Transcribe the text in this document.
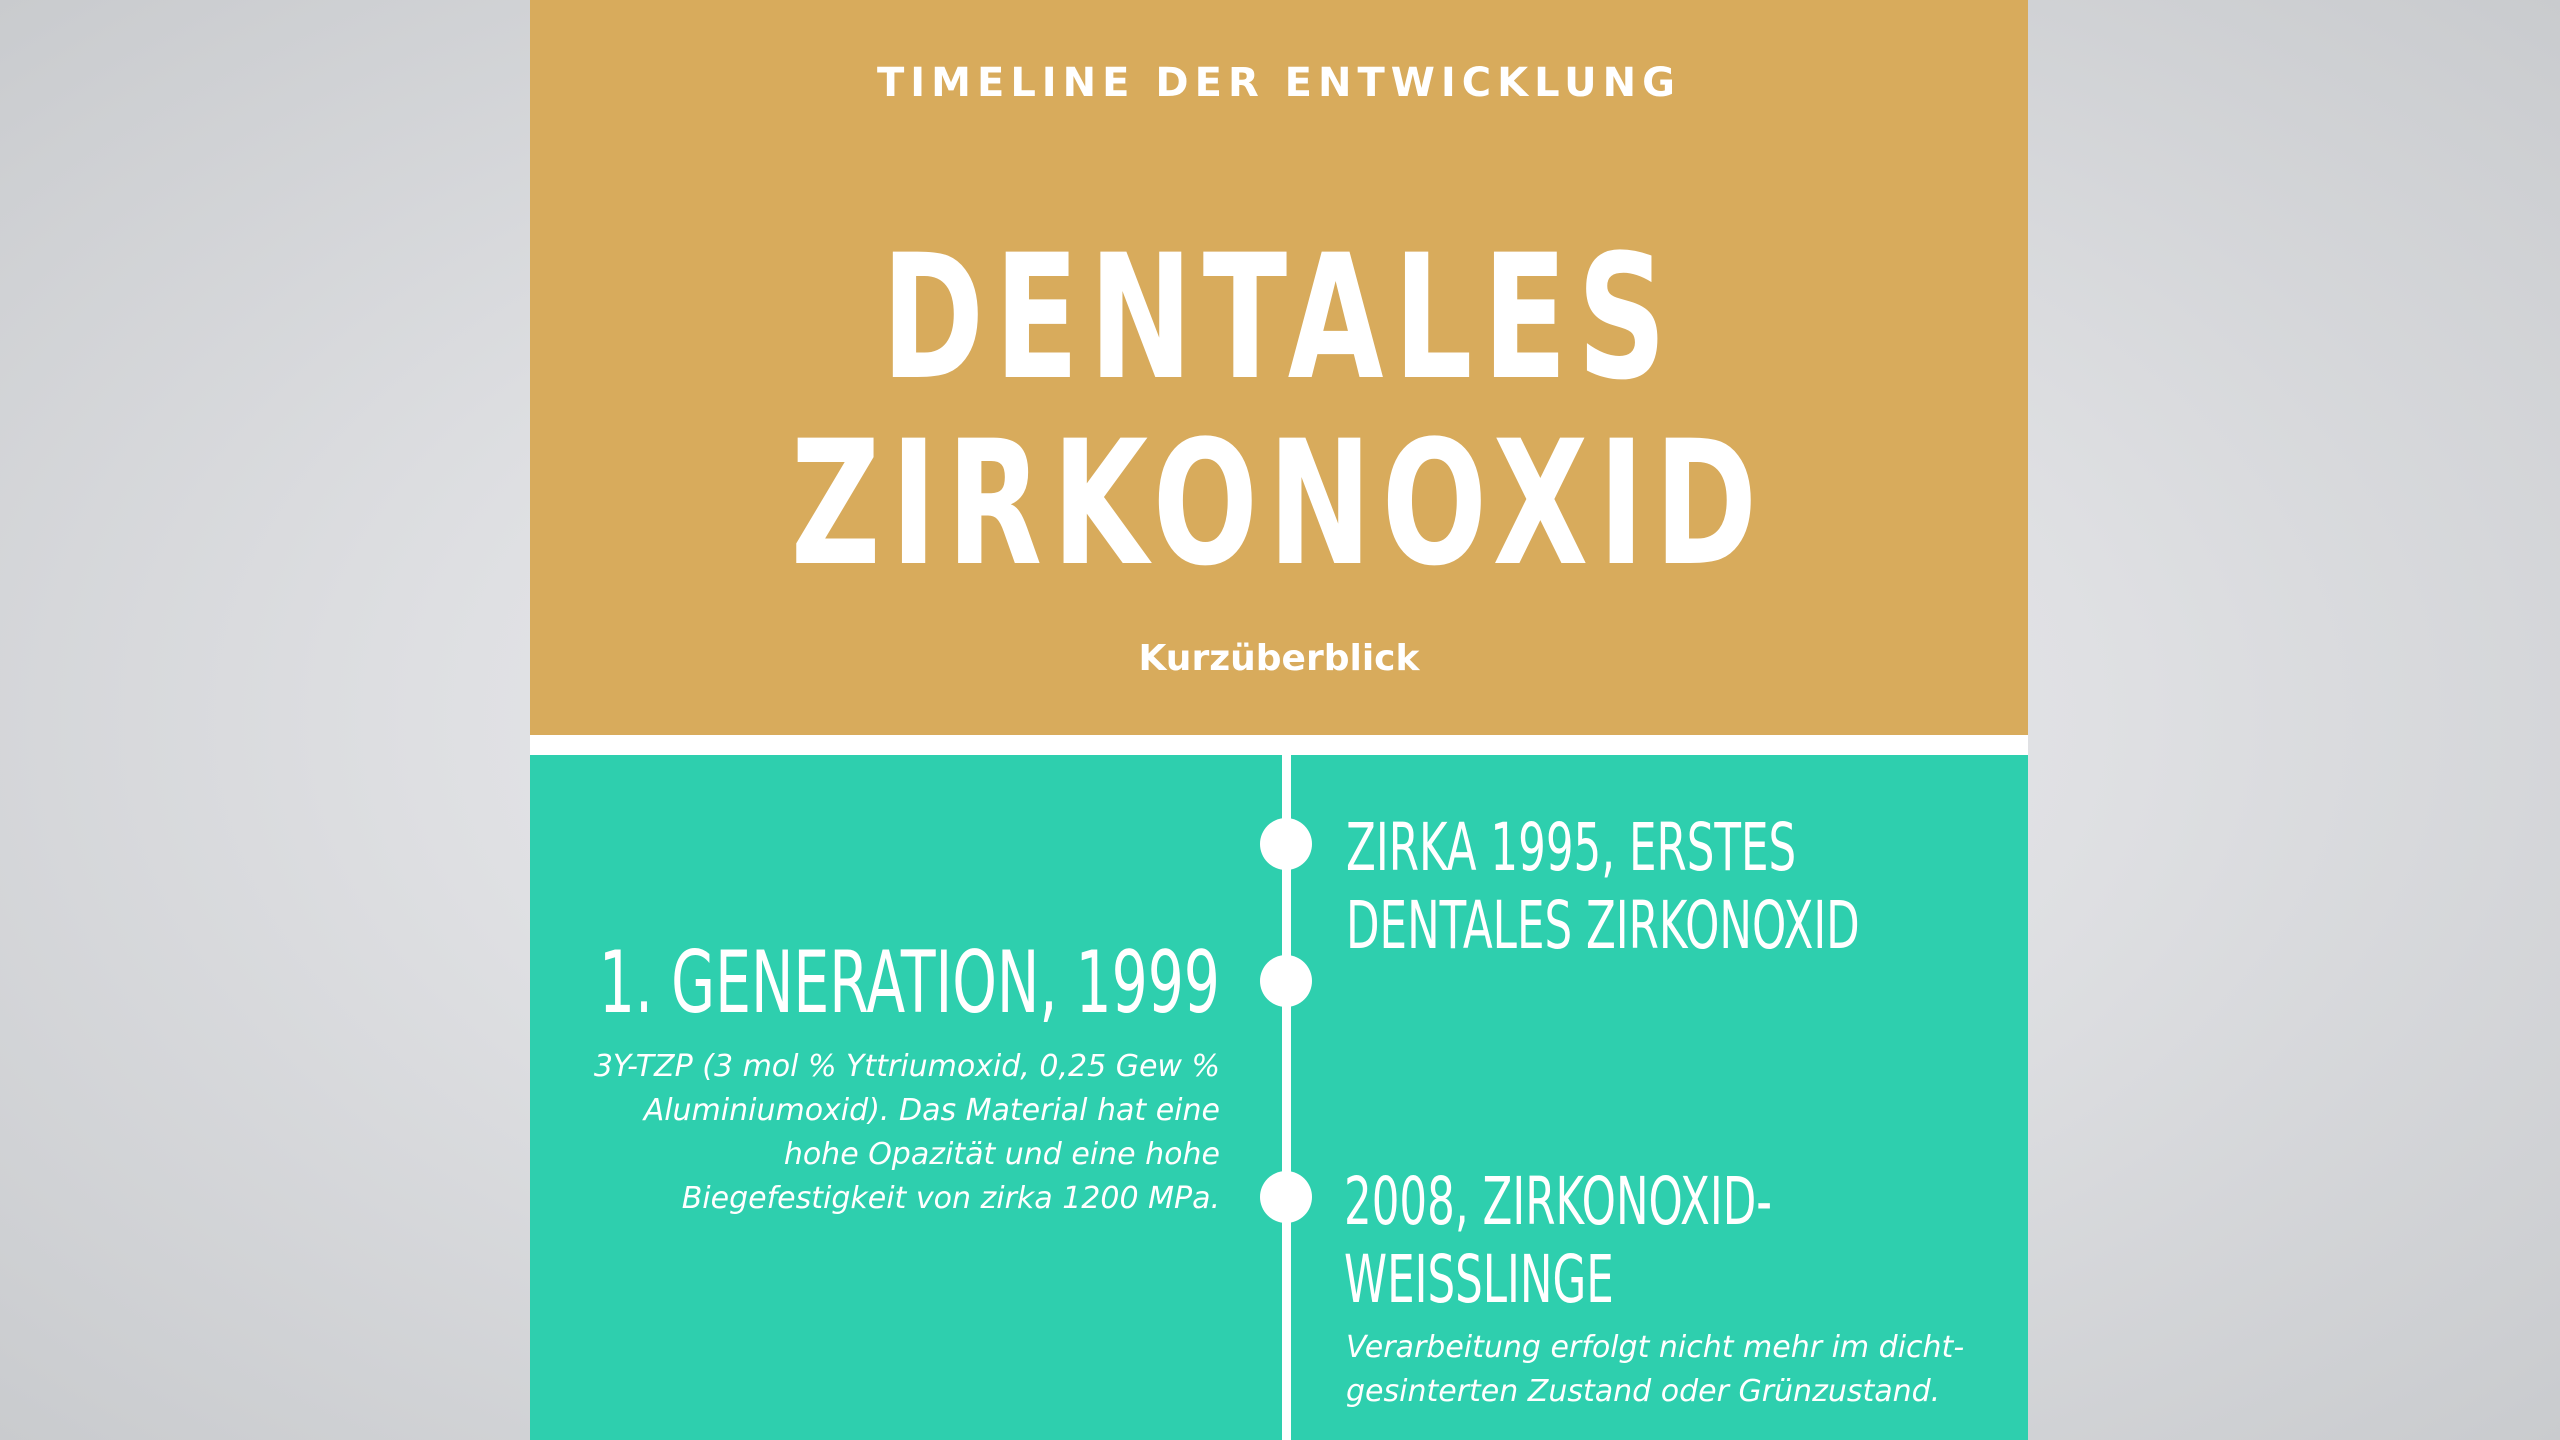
TIMELINE DER ENTWICKLUNG
DENTALES
ZIRKONOXID
Kurzüberblick
ZIRKA 1995, ERSTES
DENTALES ZIRKONOXID
1. GENERATION, 1999
3Y-TZP (3 mol % Yttriumoxid, 0,25 Gew %
Aluminiumoxid). Das Material hat eine
hohe Opazität und eine hohe
Biegefestigkeit von zirka 1200 MPa. 2008, ZIRKONOXID-
WEISSLINGE
Verarbeitung erfolgt nicht mehr im dicht-
gesinterten Zustand oder Grünzustand.
